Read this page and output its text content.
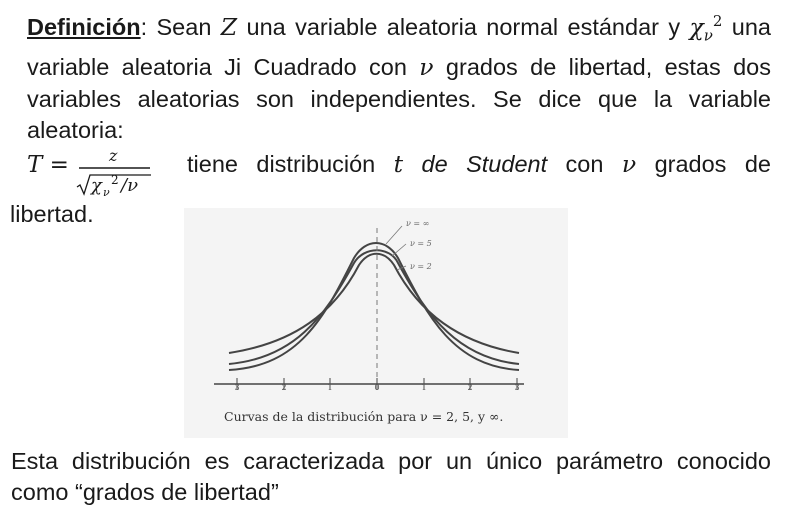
Definición: Sean Z una variable aleatoria normal estándar y $\chi_\nu^2$ una variable aleatoria Ji Cuadrado con ν grados de libertad, estas dos variables aleatorias son independientes. Se dice que la variable aleatoria:
T =	z
χ ν
2 /ν
tiene distribución t de Student con ν grados de
libertad.
3	2	1	0	1	2	3
ν = ∞
ν = 5
ν = 2
Curvas de la distribución para ν = 2, 5, y ∞.
Esta distribución es caracterizada por un único parámetro conocido
como “grados de libertad”
